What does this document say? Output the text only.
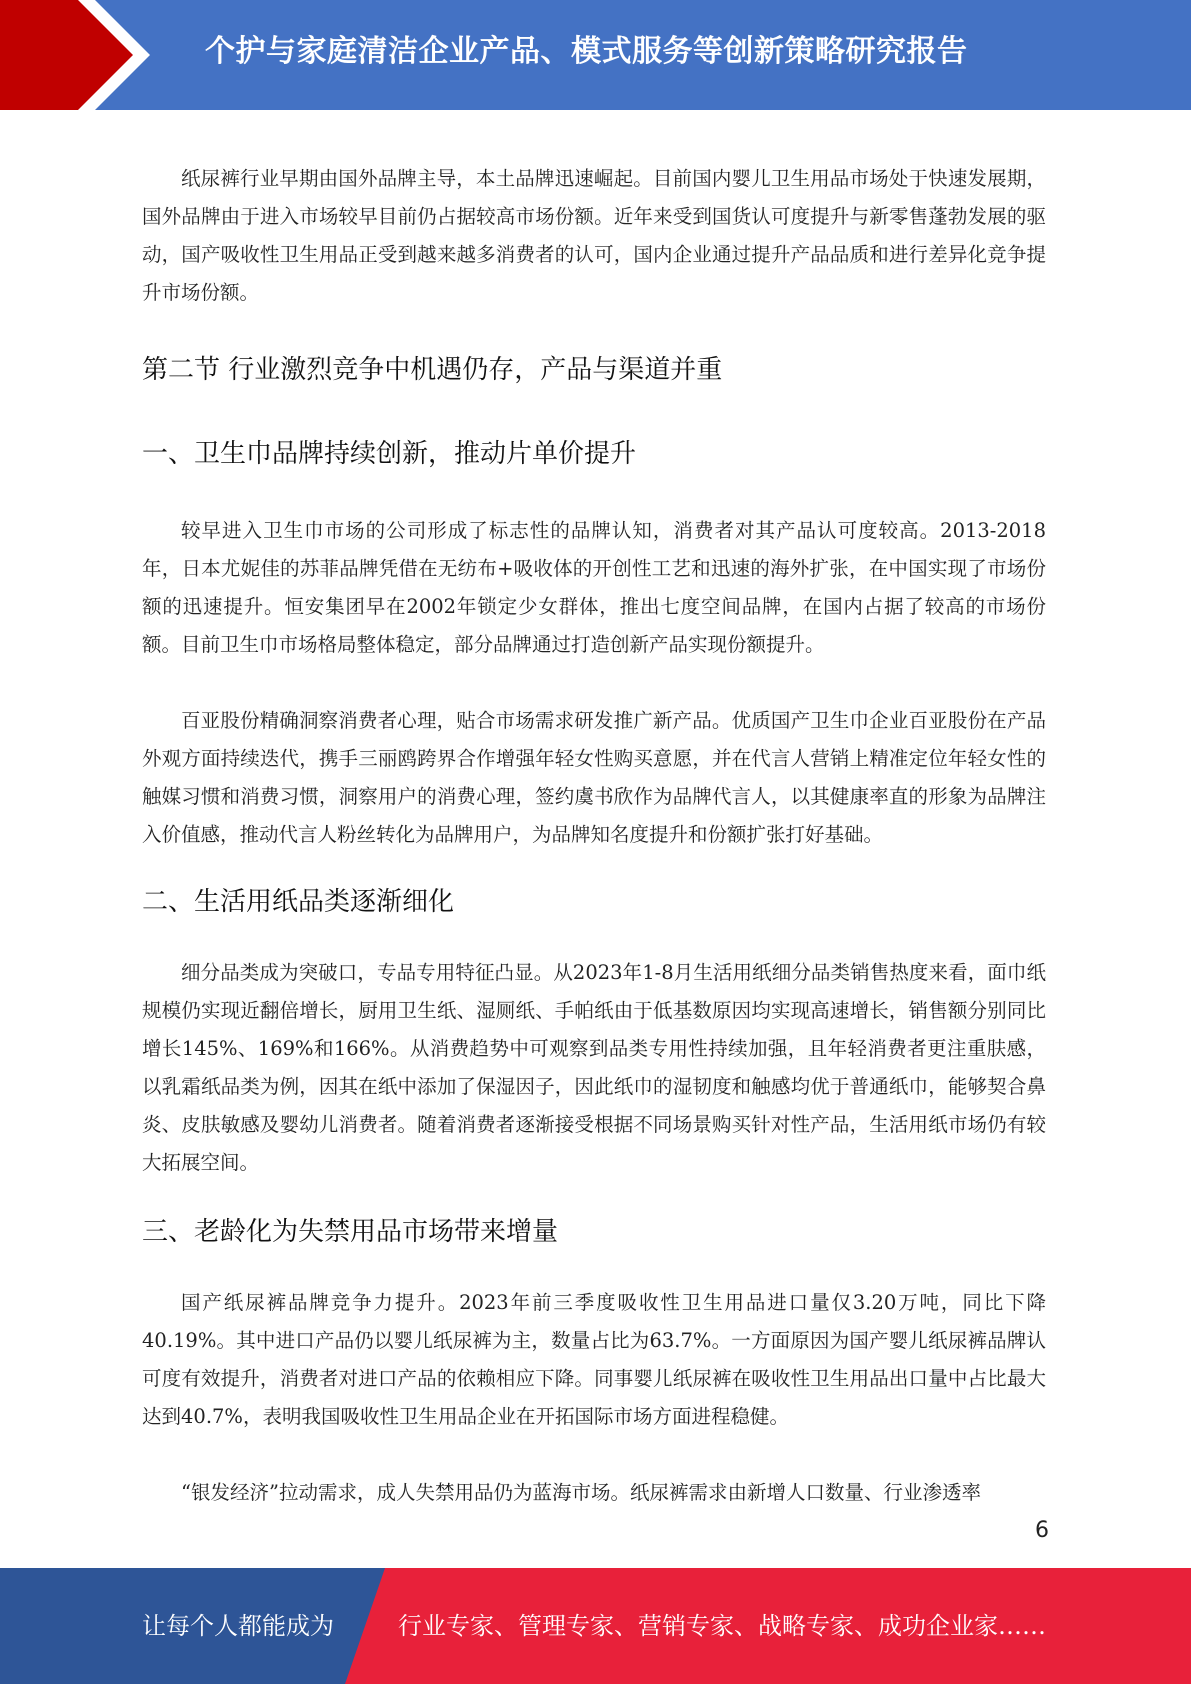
个护与家庭清洁企业产品、模式服务等创新策略研究报告

纸尿裤行业早期由国外品牌主导，本土品牌迅速崛起。目前国内婴儿卫生用品市场处于快速发展期，国外品牌由于进入市场较早目前仍占据较高市场份额。近年来受到国货认可度提升与新零售蓬勃发展的驱动，国产吸收性卫生用品正受到越来越多消费者的认可，国内企业通过提升产品品质和进行差异化竞争提升市场份额。

第二节 行业激烈竞争中机遇仍存，产品与渠道并重
一、卫生巾品牌持续创新，推动片单价提升

较早进入卫生巾市场的公司形成了标志性的品牌认知，消费者对其产品认可度较高。2013-2018年，日本尤妮佳的苏菲品牌凭借在无纺布+吸收体的开创性工艺和迅速的海外扩张，在中国实现了市场份额的迅速提升。恒安集团早在2002年锁定少女群体，推出七度空间品牌，在国内占据了较高的市场份额。目前卫生巾市场格局整体稳定，部分品牌通过打造创新产品实现份额提升。

百亚股份精确洞察消费者心理，贴合市场需求研发推广新产品。优质国产卫生巾企业百亚股份在产品外观方面持续迭代，携手三丽鸥跨界合作增强年轻女性购买意愿，并在代言人营销上精准定位年轻女性的触媒习惯和消费习惯，洞察用户的消费心理，签约虞书欣作为品牌代言人，以其健康率直的形象为品牌注入价值感，推动代言人粉丝转化为品牌用户，为品牌知名度提升和份额扩张打好基础。

二、生活用纸品类逐渐细化

细分品类成为突破口，专品专用特征凸显。从2023年1-8月生活用纸细分品类销售热度来看，面巾纸规模仍实现近翻倍增长，厨用卫生纸、湿厕纸、手帕纸由于低基数原因均实现高速增长，销售额分别同比增长145%、169%和166%。从消费趋势中可观察到品类专用性持续加强，且年轻消费者更注重肤感，以乳霜纸品类为例，因其在纸中添加了保湿因子，因此纸巾的湿韧度和触感均优于普通纸巾，能够契合鼻炎、皮肤敏感及婴幼儿消费者。随着消费者逐渐接受根据不同场景购买针对性产品，生活用纸市场仍有较大拓展空间。

三、老龄化为失禁用品市场带来增量

国产纸尿裤品牌竞争力提升。2023年前三季度吸收性卫生用品进口量仅3.20万吨，同比下降40.19%。其中进口产品仍以婴儿纸尿裤为主，数量占比为63.7%。一方面原因为国产婴儿纸尿裤品牌认可度有效提升，消费者对进口产品的依赖相应下降。同事婴儿纸尿裤在吸收性卫生用品出口量中占比最大达到40.7%，表明我国吸收性卫生用品企业在开拓国际市场方面进程稳健。

“银发经济”拉动需求，成人失禁用品仍为蓝海市场。纸尿裤需求由新增人口数量、行业渗透率

6
让每个人都能成为	行业专家、管理专家、营销专家、战略专家、成功企业家……
